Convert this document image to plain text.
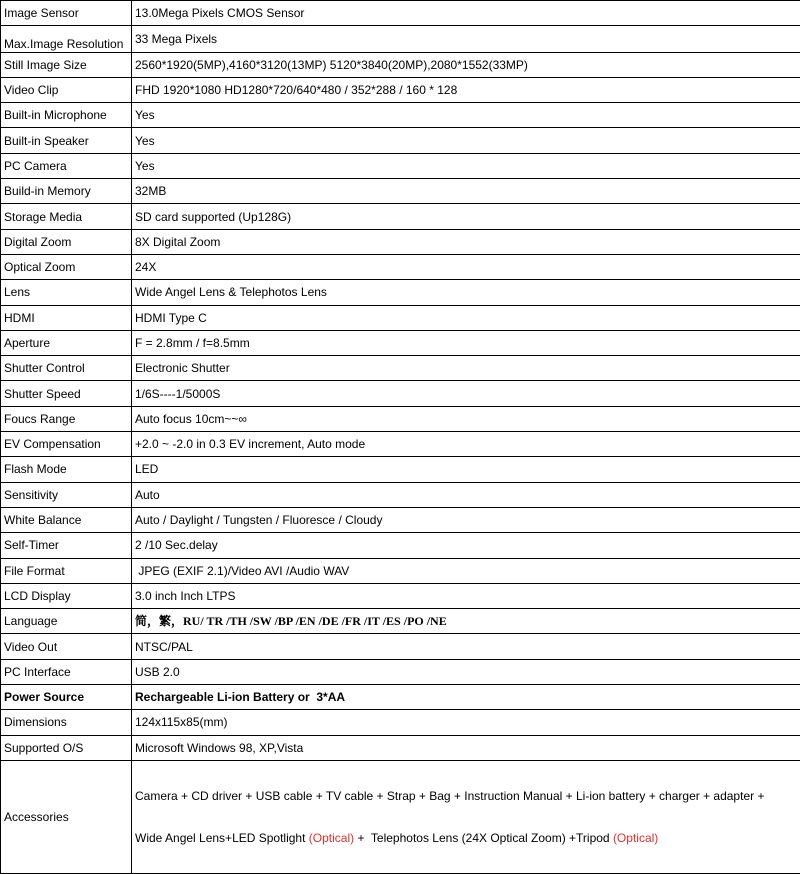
Image Sensor	13.0Mega Pixels CMOS Sensor
Max.Image Resolution	33 Mega Pixels
Still Image Size	2560*1920(5MP),4160*3120(13MP) 5120*3840(20MP),2080*1552(33MP)
Video Clip	FHD 1920*1080 HD1280*720/640*480 / 352*288 / 160 * 128
Built-in Microphone	Yes
Built-in Speaker	Yes
PC Camera	Yes
Build-in Memory	32MB
Storage Media	SD card supported (Up128G)
Digital Zoom	8X Digital Zoom
Optical Zoom	24X
Lens	Wide Angel Lens & Telephotos Lens
HDMI	HDMI Type C
Aperture	F = 2.8mm / f=8.5mm
Shutter Control	Electronic Shutter
Shutter Speed	1/6S----1/5000S
Foucs Range	Auto focus 10cm~~∞
EV Compensation	+2.0 ~ -2.0 in 0.3 EV increment, Auto mode
Flash Mode	LED
Sensitivity	Auto
White Balance	Auto / Daylight / Tungsten / Fluoresce / Cloudy
Self-Timer	2 /10 Sec.delay
File Format	JPEG (EXIF 2.1)/Video AVI /Audio WAV
LCD Display	3.0 inch Inch LTPS
Language	简，繁，RU/ TR /TH /SW /BP /EN /DE /FR /IT /ES /PO /NE
Video Out	NTSC/PAL
PC Interface	USB 2.0
Power Source	Rechargeable Li-ion Battery or  3*AA
Dimensions	124x115x85(mm)
Supported O/S	Microsoft Windows 98, XP,Vista
Accessories	Camera + CD driver + USB cable + TV cable + Strap + Bag + Instruction Manual + Li-ion battery + charger + adapter +

Wide Angel Lens+LED Spotlight (Optical) +  Telephotos Lens (24X Optical Zoom) +Tripod (Optical)
